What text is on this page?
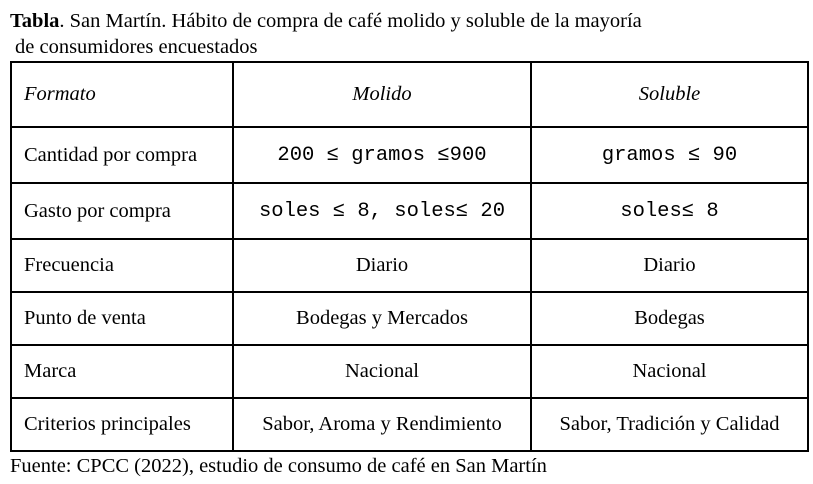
Tabla. San Martín. Hábito de compra de café molido y soluble de la mayoría
de consumidores encuestados
Formato	Molido	Soluble
Cantidad por compra	200 ≤ gramos ≤900	gramos ≤ 90
Gasto por compra	soles ≤ 8, soles≤ 20	soles≤ 8
Frecuencia	Diario	Diario
Punto de venta	Bodegas y Mercados	Bodegas
Marca	Nacional	Nacional
Criterios principales	Sabor, Aroma y Rendimiento	Sabor, Tradición y Calidad
Fuente: CPCC (2022), estudio de consumo de café en San Martín
